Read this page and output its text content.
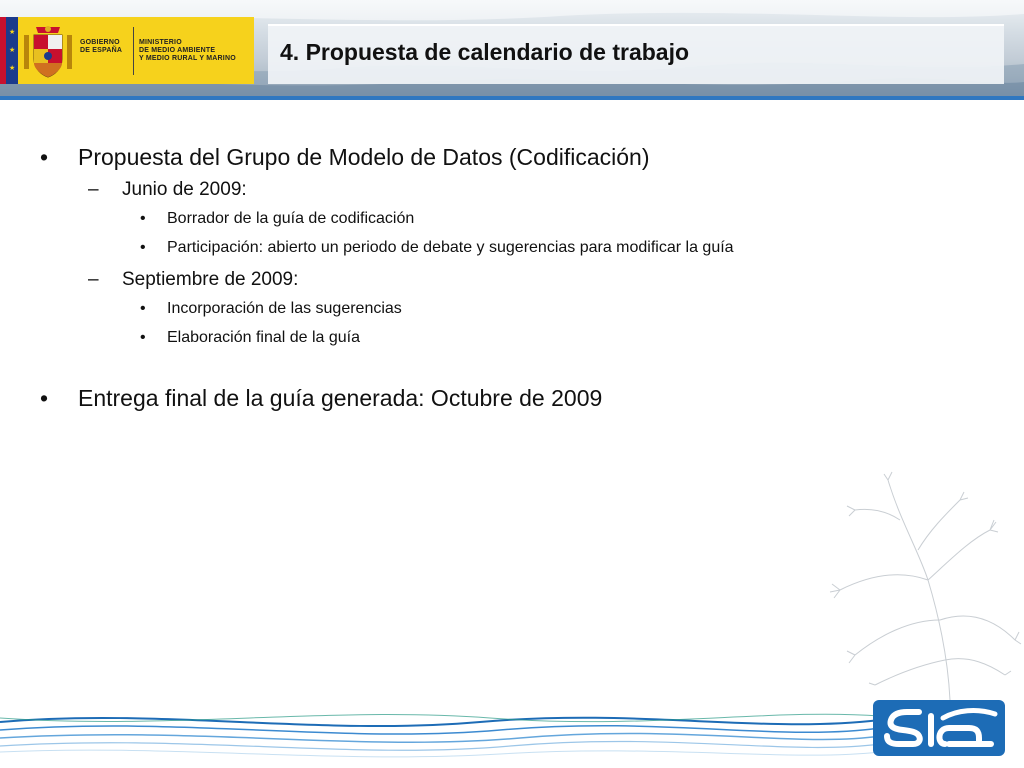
★
★
★
GOBIERNO
DE ESPAÑA
MINISTERIO
DE MEDIO AMBIENTE
Y MEDIO RURAL Y MARINO	4. Propuesta de calendario de trabajo
• Propuesta del Grupo de Modelo de Datos (Codificación)
– Junio de 2009:
• Borrador de la guía de codificación
• Participación: abierto un periodo de debate y sugerencias para modificar la guía
– Septiembre de 2009:
• Incorporación de las sugerencias
• Elaboración final de la guía
• Entrega final de la guía generada: Octubre de 2009
